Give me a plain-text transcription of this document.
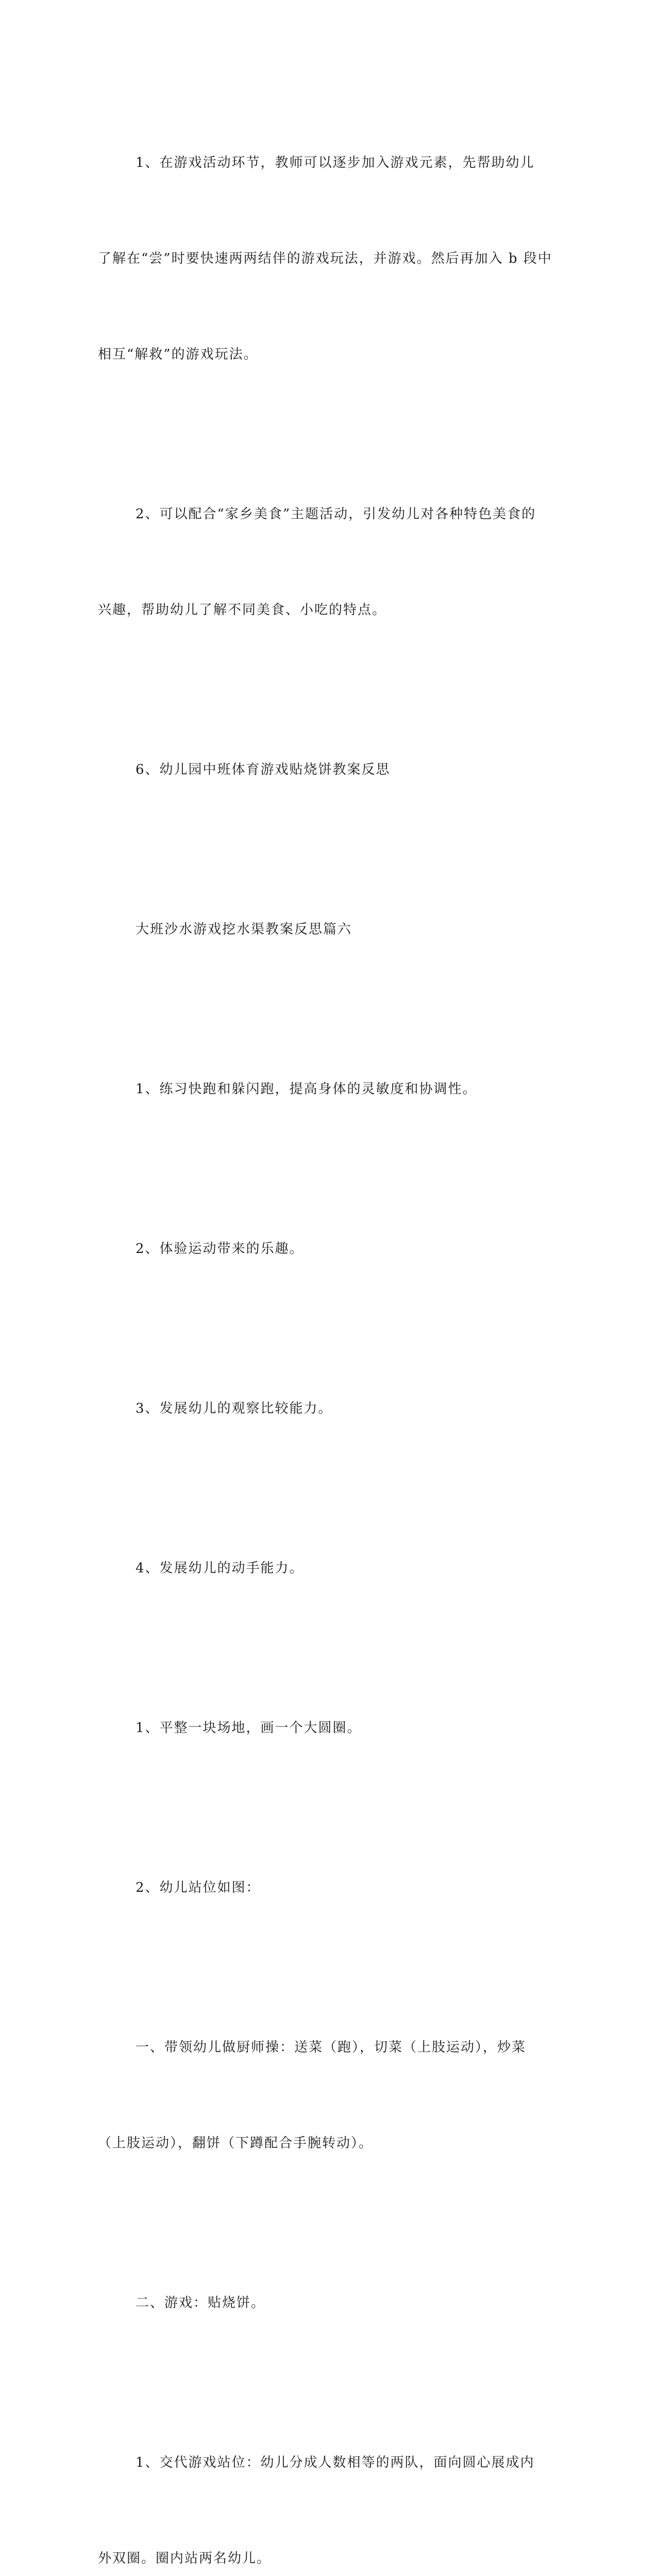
1、在游戏活动环节，教师可以逐步加入游戏元素，先帮助幼儿

了解在“尝”时要快速两两结伴的游戏玩法，并游戏。然后再加入 b 段中

相互“解救”的游戏玩法。

2、可以配合“家乡美食”主题活动，引发幼儿对各种特色美食的

兴趣，帮助幼儿了解不同美食、小吃的特点。

6、幼儿园中班体育游戏贴烧饼教案反思

大班沙水游戏挖水渠教案反思篇六

1、练习快跑和躲闪跑，提高身体的灵敏度和协调性。

2、体验运动带来的乐趣。

3、发展幼儿的观察比较能力。

4、发展幼儿的动手能力。

1、平整一块场地，画一个大圆圈。

2、幼儿站位如图：

一、带领幼儿做厨师操：送菜（跑），切菜（上肢运动），炒菜

（上肢运动），翻饼（下蹲配合手腕转动）。

二、游戏：贴烧饼。

1、交代游戏站位：幼儿分成人数相等的两队，面向圆心展成内

外双圈。圈内站两名幼儿。
